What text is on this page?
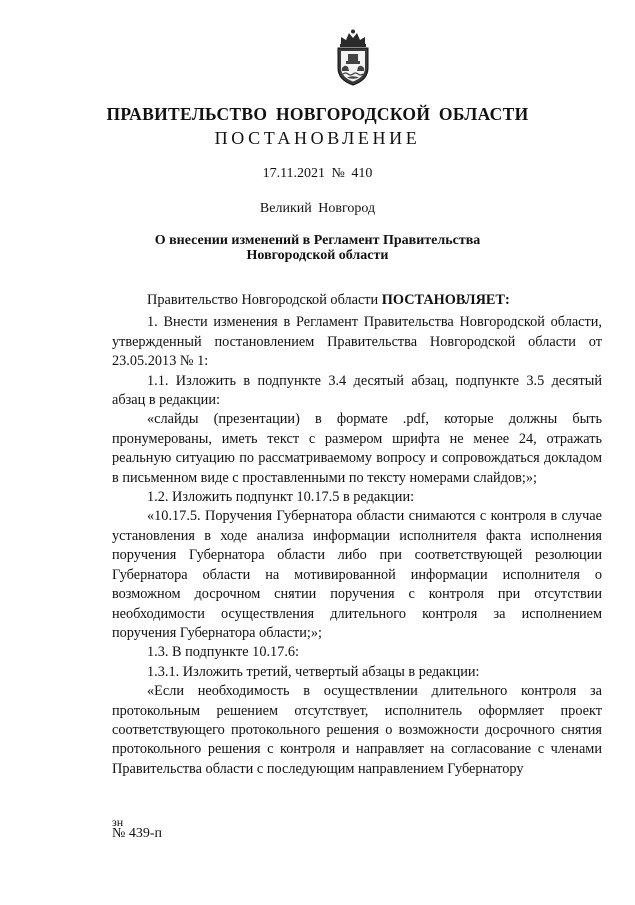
ПРАВИТЕЛЬСТВО НОВГОРОДСКОЙ ОБЛАСТИ
ПОСТАНОВЛЕНИЕ
17.11.2021 № 410
Великий Новгород
О внесении изменений в Регламент Правительства
Новгородской области

Правительство Новгородской области ПОСТАНОВЛЯЕТ:

1. Внести изменения в Регламент Правительства Новгородской области, утвержденный постановлением Правительства Новгородской области от 23.05.2013 № 1:

1.1. Изложить в подпункте 3.4 десятый абзац, подпункте 3.5 десятый абзац в редакции:

«слайды (презентации) в формате .pdf, которые должны быть пронумерованы, иметь текст с размером шрифта не менее 24, отражать реальную ситуацию по рассматриваемому вопросу и сопровождаться докладом в письменном виде с проставленными по тексту номерами слайдов;»;

1.2. Изложить подпункт 10.17.5 в редакции:

«10.17.5. Поручения Губернатора области снимаются с контроля в случае установления в ходе анализа информации исполнителя факта исполнения поручения Губернатора области либо при соответствующей резолюции Губернатора области на мотивированной информации исполнителя о возможном досрочном снятии поручения с контроля при отсутствии необходимости осуществления длительного контроля за исполнением поручения Губернатора области;»;

1.3. В подпункте 10.17.6:

1.3.1. Изложить третий, четвертый абзацы в редакции:

«Если необходимость в осуществлении длительного контроля за протокольным решением отсутствует, исполнитель оформляет проект соответствующего протокольного решения о возможности досрочного снятия протокольного решения с контроля и направляет на согласование с членами Правительства области с последующим направлением Губернатору

зн
№ 439-п
